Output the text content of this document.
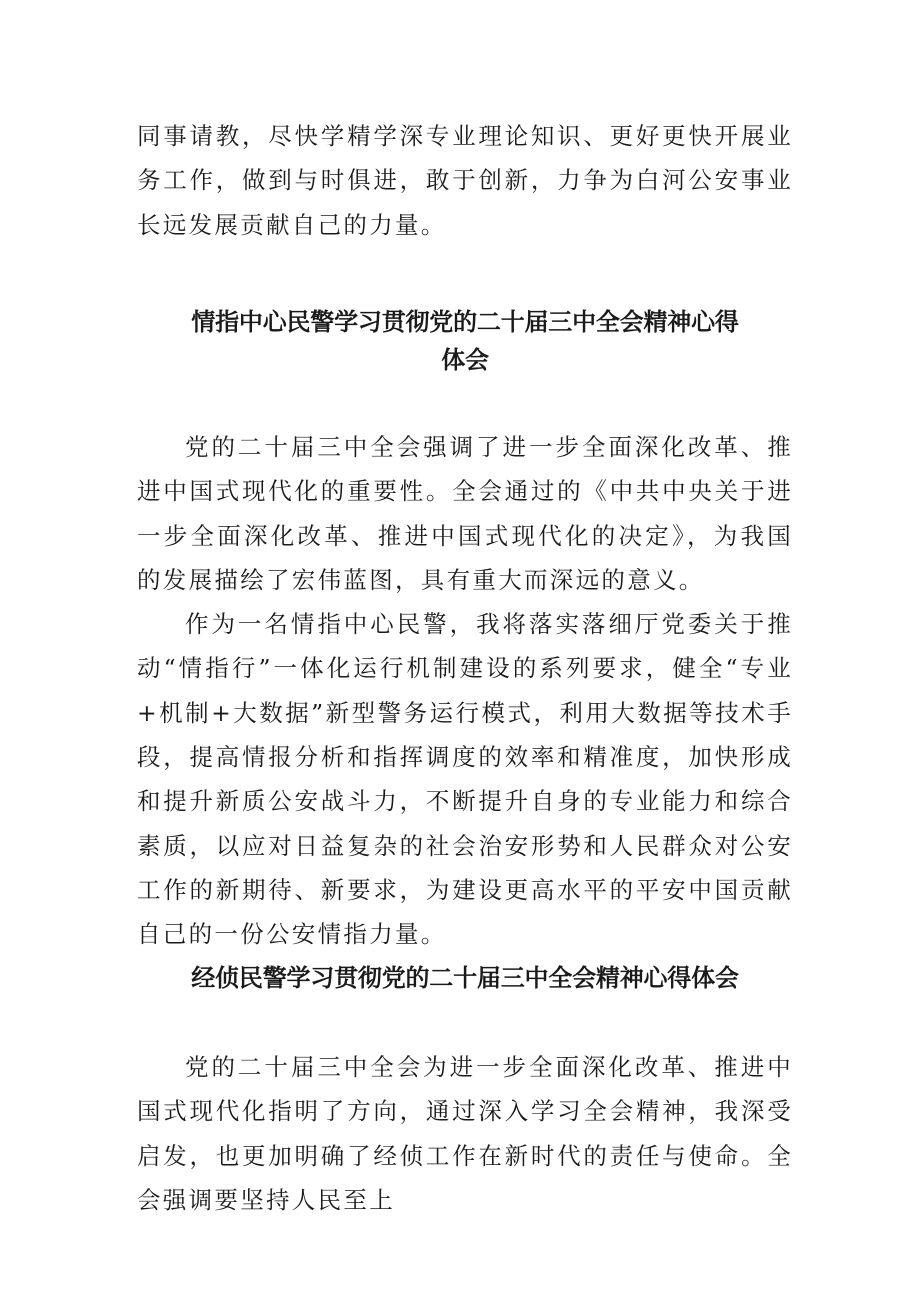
同事请教，尽快学精学深专业理论知识、更好更快开展业务工作，做到与时俱进，敢于创新，力争为白河公安事业长远发展贡献自己的力量。

情指中心民警学习贯彻党的二十届三中全会精神心得
体会

党的二十届三中全会强调了进一步全面深化改革、推进中国式现代化的重要性。全会通过的《中共中央关于进一步全面深化改革、推进中国式现代化的决定》，为我国的发展描绘了宏伟蓝图，具有重大而深远的意义。

作为一名情指中心民警，我将落实落细厅党委关于推动“情指行”一体化运行机制建设的系列要求，健全“专业+机制+大数据”新型警务运行模式，利用大数据等技术手段，提高情报分析和指挥调度的效率和精准度，加快形成和提升新质公安战斗力，不断提升自身的专业能力和综合素质，以应对日益复杂的社会治安形势和人民群众对公安工作的新期待、新要求，为建设更高水平的平安中国贡献自己的一份公安情指力量。

经侦民警学习贯彻党的二十届三中全会精神心得体会

党的二十届三中全会为进一步全面深化改革、推进中国式现代化指明了方向，通过深入学习全会精神，我深受启发，也更加明确了经侦工作在新时代的责任与使命。全会强调要坚持人民至上
